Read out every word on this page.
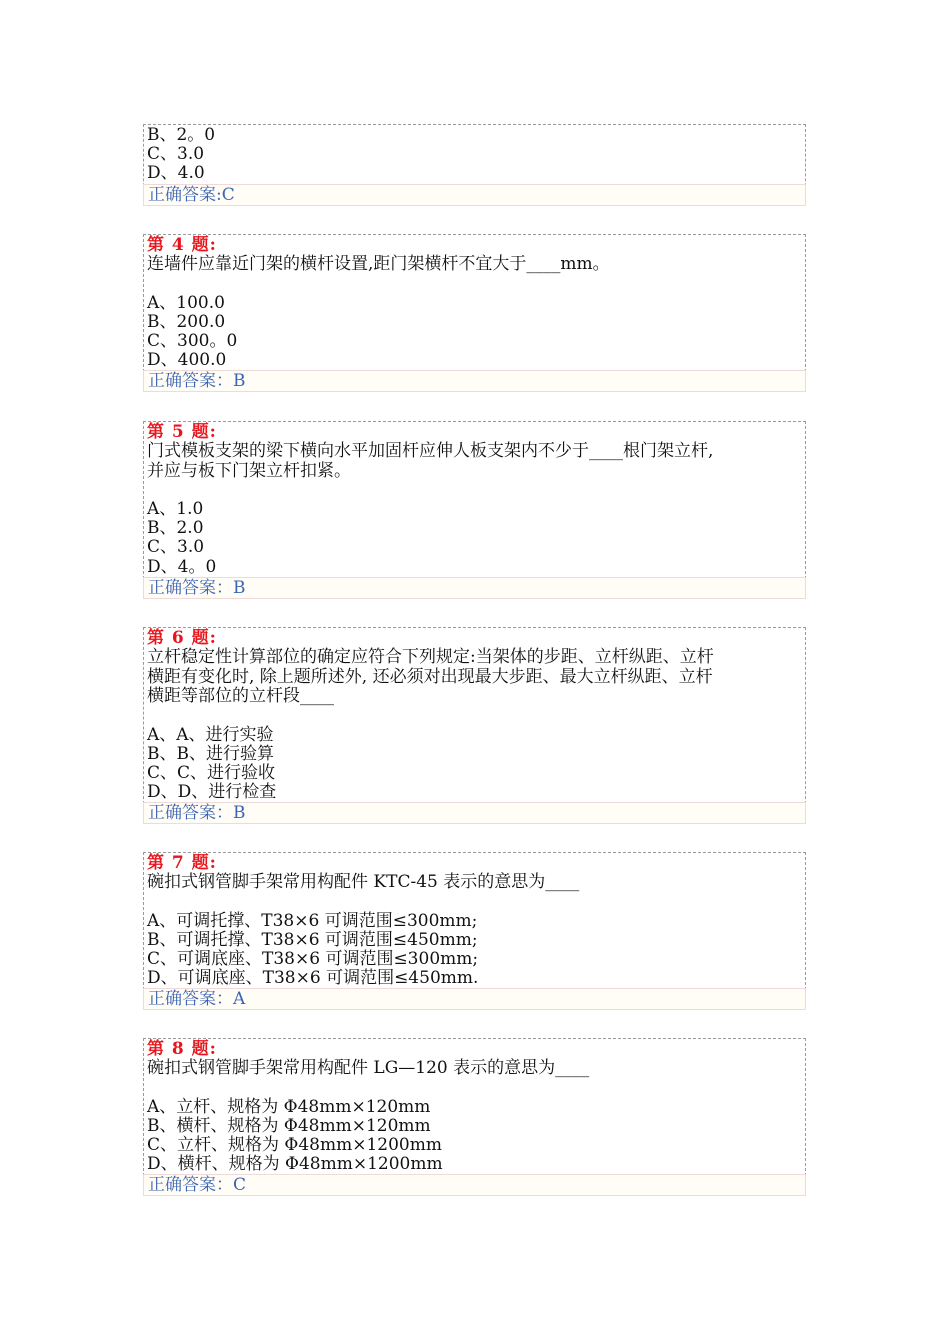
B、2。0
C、3.0
D、4.0
正确答案:C
第 4 题:
连墙件应靠近门架的横杆设置,距门架横杆不宜大于____mm。
A、100.0
B、200.0
C、300。0
D、400.0
正确答案：B
第 5 题:
门式模板支架的梁下横向水平加固杆应伸人板支架内不少于____根门架立杆,
并应与板下门架立杆扣紧。
A、1.0
B、2.0
C、3.0
D、4。0
正确答案：B
第 6 题:
立杆稳定性计算部位的确定应符合下列规定:当架体的步距、立杆纵距、立杆
横距有变化时, 除上题所述外, 还必须对出现最大步距、最大立杆纵距、立杆
横距等部位的立杆段____
A、A、进行实验
B、B、进行验算
C、C、进行验收
D、D、进行检查
正确答案：B
第 7 题:
碗扣式钢管脚手架常用构配件 KTC-45 表示的意思为____
A、可调托撑、T38×6 可调范围≤300mm;
B、可调托撑、T38×6 可调范围≤450mm;
C、可调底座、T38×6 可调范围≤300mm;
D、可调底座、T38×6 可调范围≤450mm.
正确答案：A
第 8 题:
碗扣式钢管脚手架常用构配件 LG—120 表示的意思为____
A、立杆、规格为 Φ48mm×120mm
B、横杆、规格为 Φ48mm×120mm
C、立杆、规格为 Φ48mm×1200mm
D、横杆、规格为 Φ48mm×1200mm
正确答案：C
